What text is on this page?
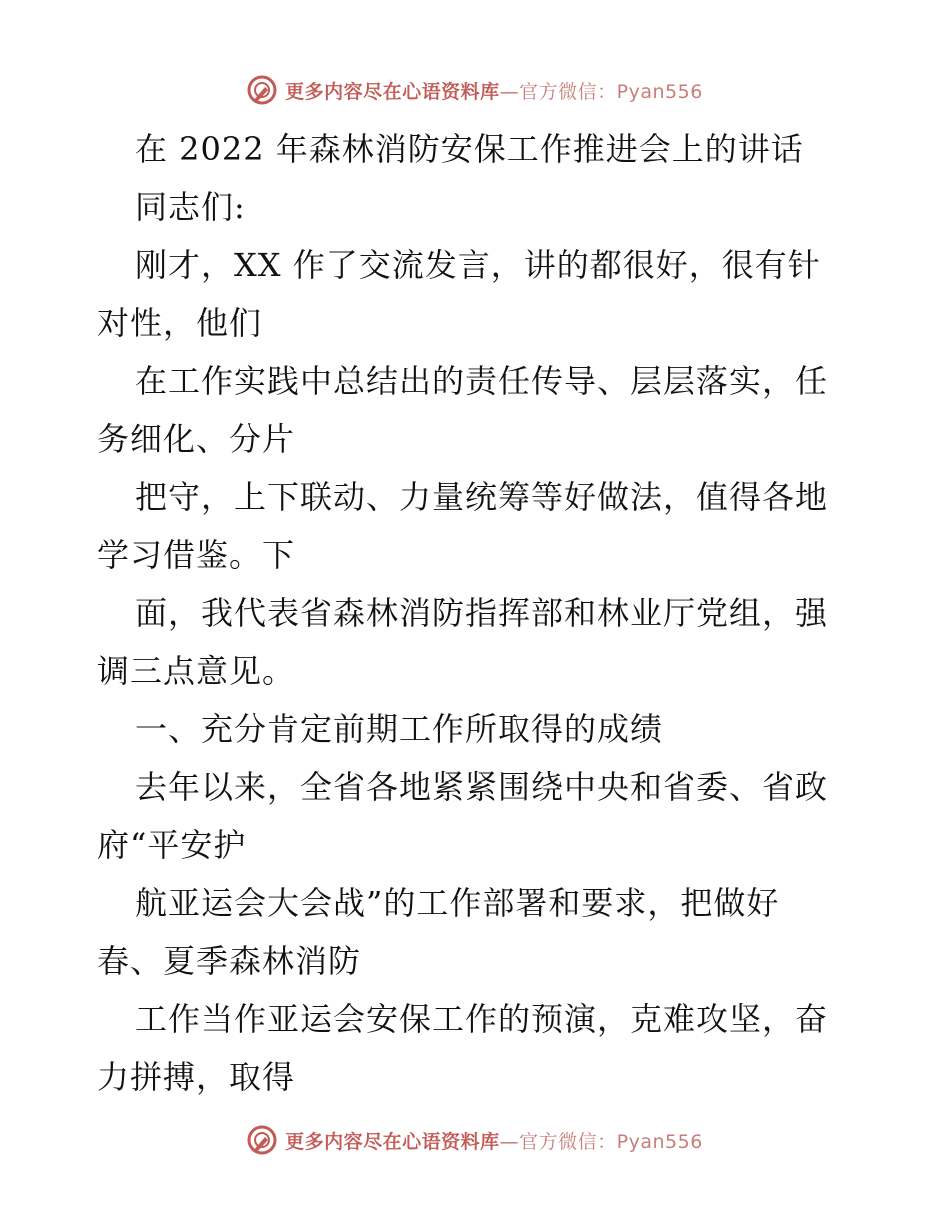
更多内容尽在心语资料库—官方微信：Pyan556
在 2022 年森林消防安保工作推进会上的讲话
同志们:
刚才，XX 作了交流发言，讲的都很好，很有针
对性，他们
在工作实践中总结出的责任传导、层层落实，任
务细化、分片
把守，上下联动、力量统筹等好做法，值得各地
学习借鉴。下
面，我代表省森林消防指挥部和林业厅党组，强
调三点意见。
一、充分肯定前期工作所取得的成绩
去年以来，全省各地紧紧围绕中央和省委、省政
府“平安护
航亚运会大会战”的工作部署和要求，把做好
春、夏季森林消防
工作当作亚运会安保工作的预演，克难攻坚，奋
力拼搏，取得
更多内容尽在心语资料库—官方微信：Pyan556
